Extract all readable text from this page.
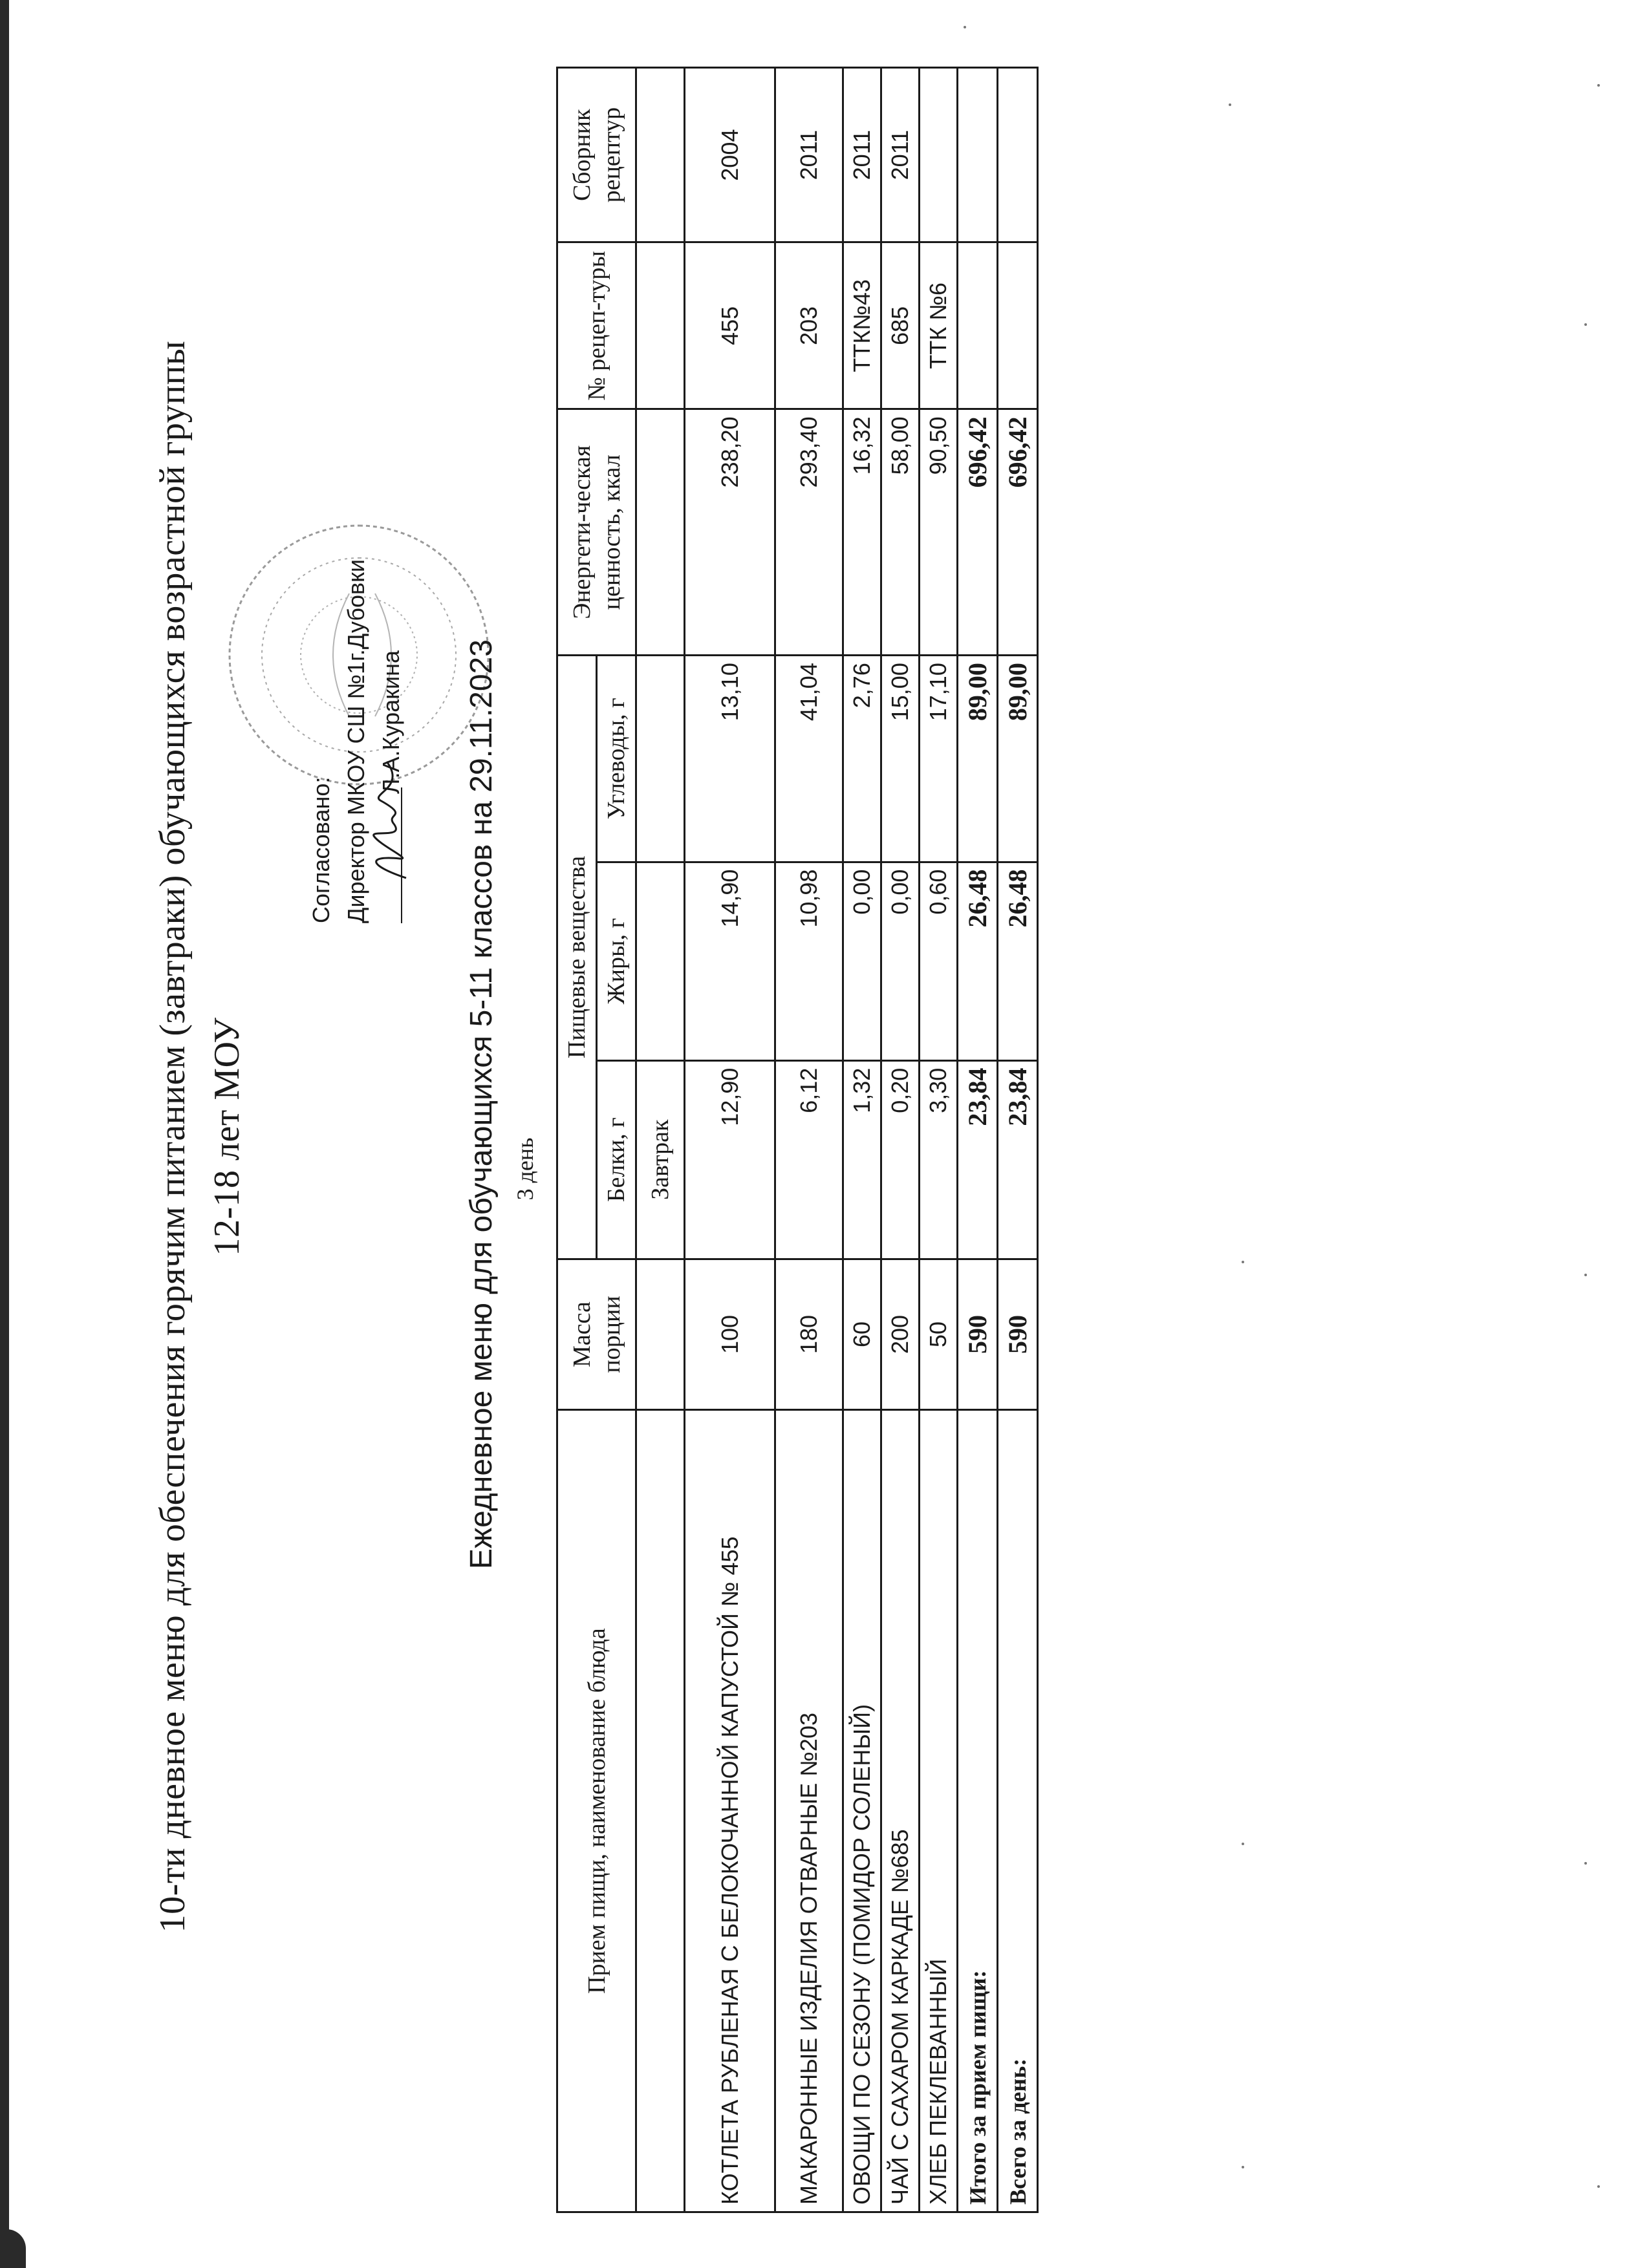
10-ти дневное меню для обеспечения горячим питанием (завтраки) обучающихся возрастной группы 12-18 лет МОУ
Согласовано: Директор МКОУ СШ №1г.Дубовки Л.А.Куракина Ежедневное меню для обучающихся 5-11 классов на 29.11.2023 3 день
Прием пищи, наименование блюда	Масса порции	Пищевые вещества			Энергети-ческая ценность, ккал	№ рецеп-туры	Сборник рецептур
		Белки, г	Жиры, г	Углеводы, г			
		Завтрак					
КОТЛЕТА РУБЛЕНАЯ С БЕЛОКОЧАННОЙ КАПУСТОЙ № 455	100	12,90	14,90	13,10	238,20	455	2004
МАКАРОННЫЕ ИЗДЕЛИЯ ОТВАРНЫЕ №203	180	6,12	10,98	41,04	293,40	203	2011
ОВОЩИ ПО СЕЗОНУ (ПОМИДОР СОЛЕНЫЙ)	60	1,32	0,00	2,76	16,32	ТТК№43	2011
ЧАЙ С САХАРОМ КАРКАДЕ №685	200	0,20	0,00	15,00	58,00	685	2011
ХЛЕБ ПЕКЛЕВАННЫЙ	50	3,30	0,60	17,10	90,50	ТТК №6	
Итого за прием пищи:	590	23,84	26,48	89,00	696,42		
Всего за день:	590	23,84	26,48	89,00	696,42		
